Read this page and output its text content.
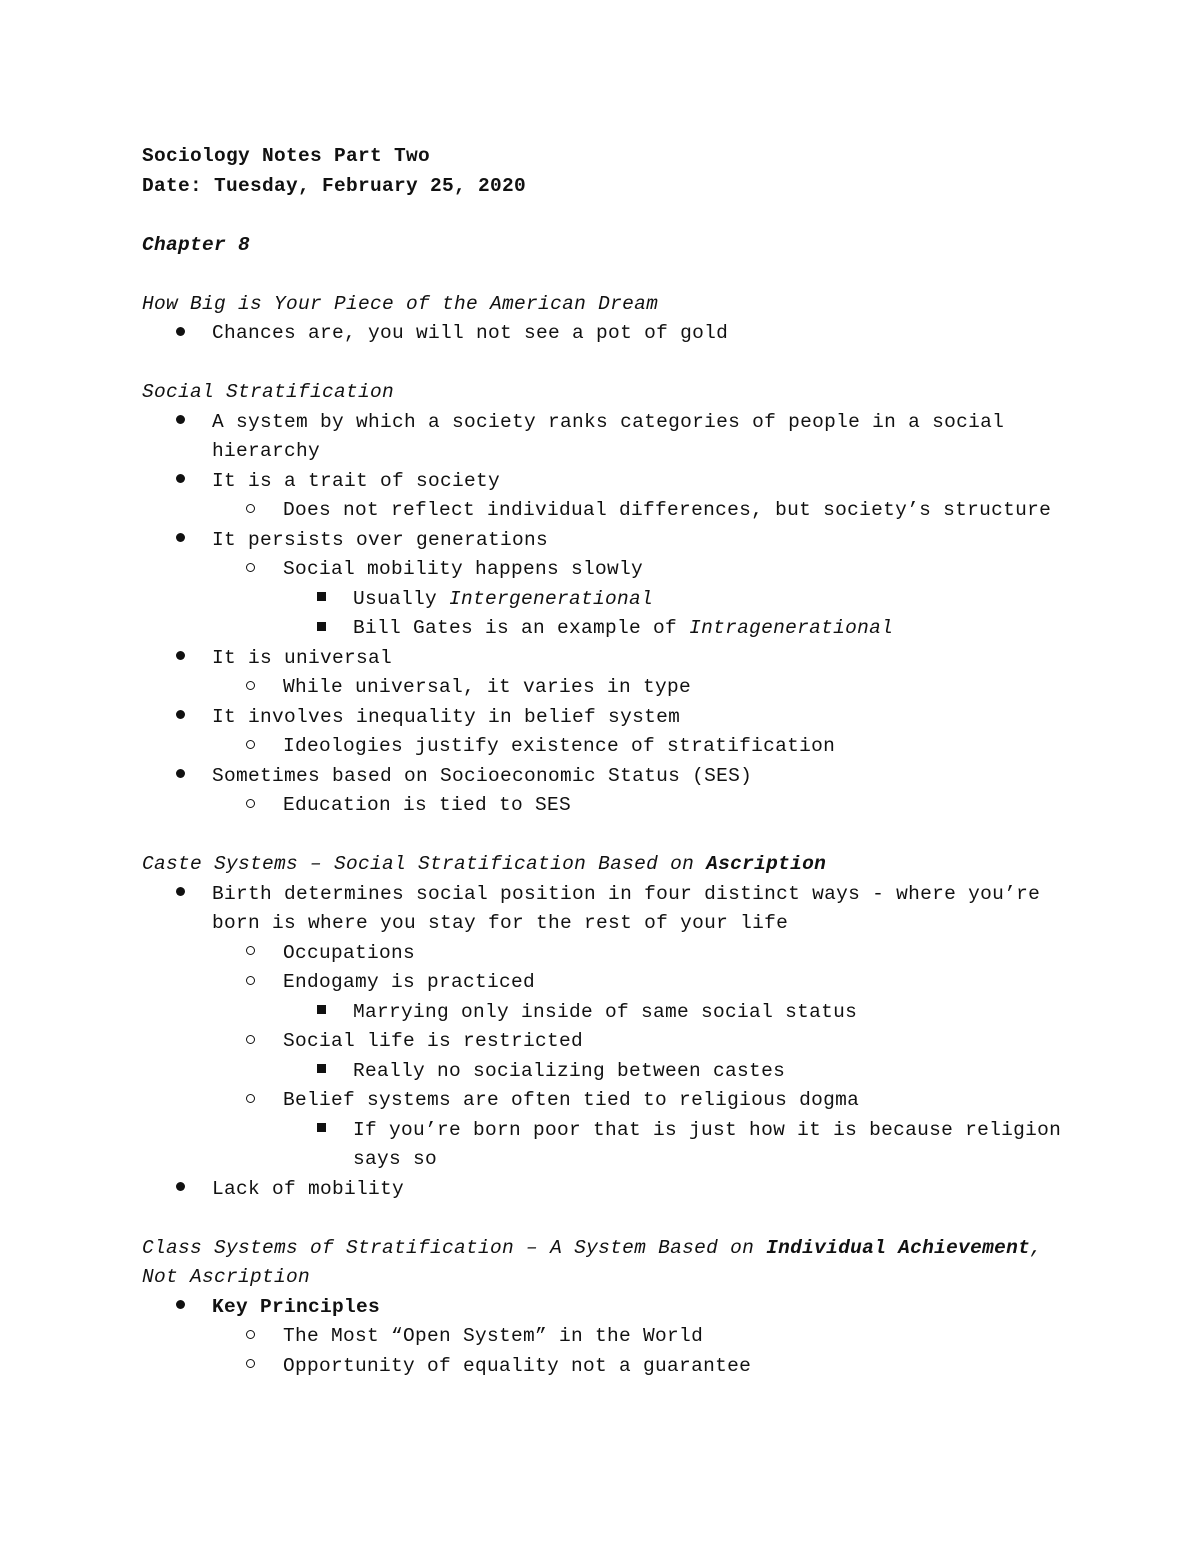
Sociology Notes Part Two
Date: Tuesday, February 25, 2020
Chapter 8
How Big is Your Piece of the American Dream
Chances are, you will not see a pot of gold
Social Stratification
A system by which a society ranks categories of people in a social hierarchy
It is a trait of society
Does not reflect individual differences, but society’s structure
It persists over generations
Social mobility happens slowly
Usually Intergenerational
Bill Gates is an example of Intragenerational
It is universal
While universal, it varies in type
It involves inequality in belief system
Ideologies justify existence of stratification
Sometimes based on Socioeconomic Status (SES)
Education is tied to SES
Caste Systems – Social Stratification Based on Ascription
Birth determines social position in four distinct ways - where you’re born is where you stay for the rest of your life
Occupations
Endogamy is practiced
Marrying only inside of same social status
Social life is restricted
Really no socializing between castes
Belief systems are often tied to religious dogma
If you’re born poor that is just how it is because religion says so
Lack of mobility
Class Systems of Stratification – A System Based on Individual Achievement, Not Ascription
Key Principles
The Most “Open System” in the World
Opportunity of equality not a guarantee
